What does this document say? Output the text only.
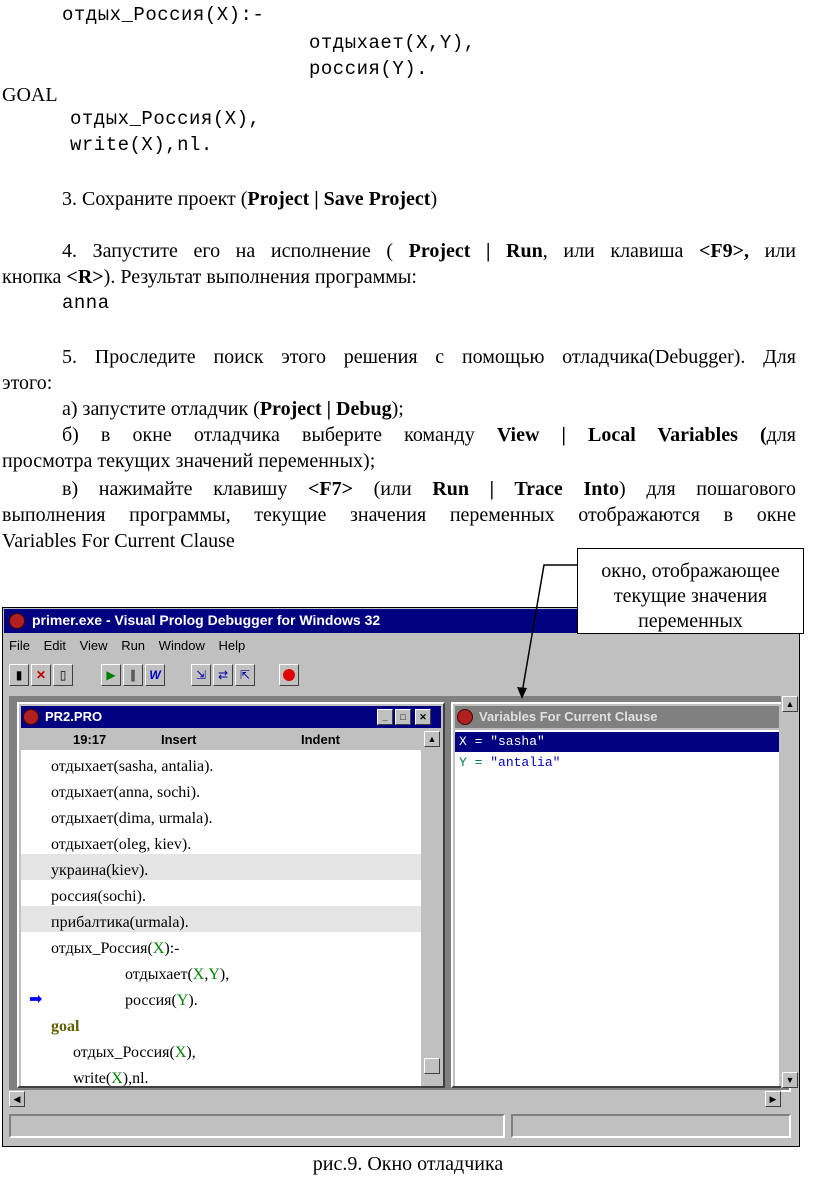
отдых_Россия(X):-
отдыхает(X,Y),
россия(Y).
GOAL
отдых_Россия(X),
write(X),nl.
3. Сохраните проект (Project | Save Project)
4. Запустите его на исполнение ( Project | Run, или клавиша <F9>, или
кнопка <R>). Результат выполнения программы:
anna
5. Проследите поиск этого решения с помощью отладчика(Debugger). Для
этого:
а) запустите отладчик (Project | Debug);
б) в окне отладчика выберите команду View | Local Variables (для
просмотра текущих значений переменных);
в) нажимайте клавишу <F7> (или Run | Trace Into) для пошагового
выполнения программы, текущие значения переменных отображаются в окне
Variables For Current Clause
primer.exe - Visual Prolog Debugger for Windows 32
File Edit View Run Window Help
▮	✕	▯	▶	∥	W	⇲ ⇄ ⇱
PR2.PRO	_	□	✕
19:17	Insert	Indent
отдыхает(sasha, antalia).
отдыхает(anna, sochi).
отдыхает(dima, urmala).
отдыхает(oleg, kiev).
украина(kiev).
россия(sochi).
прибалтика(urmala).
отдых_Россия(X):-
отдыхает(X,Y),
➡	россия(Y).
goal
отдых_Россия(X),
write(X),nl.
▲
Variables For Current Clause
X = "sasha"
Y = "antalia"
▲
▼
◀	▶
окно, отображающее
текущие значения
переменных
рис.9. Окно отладчика
